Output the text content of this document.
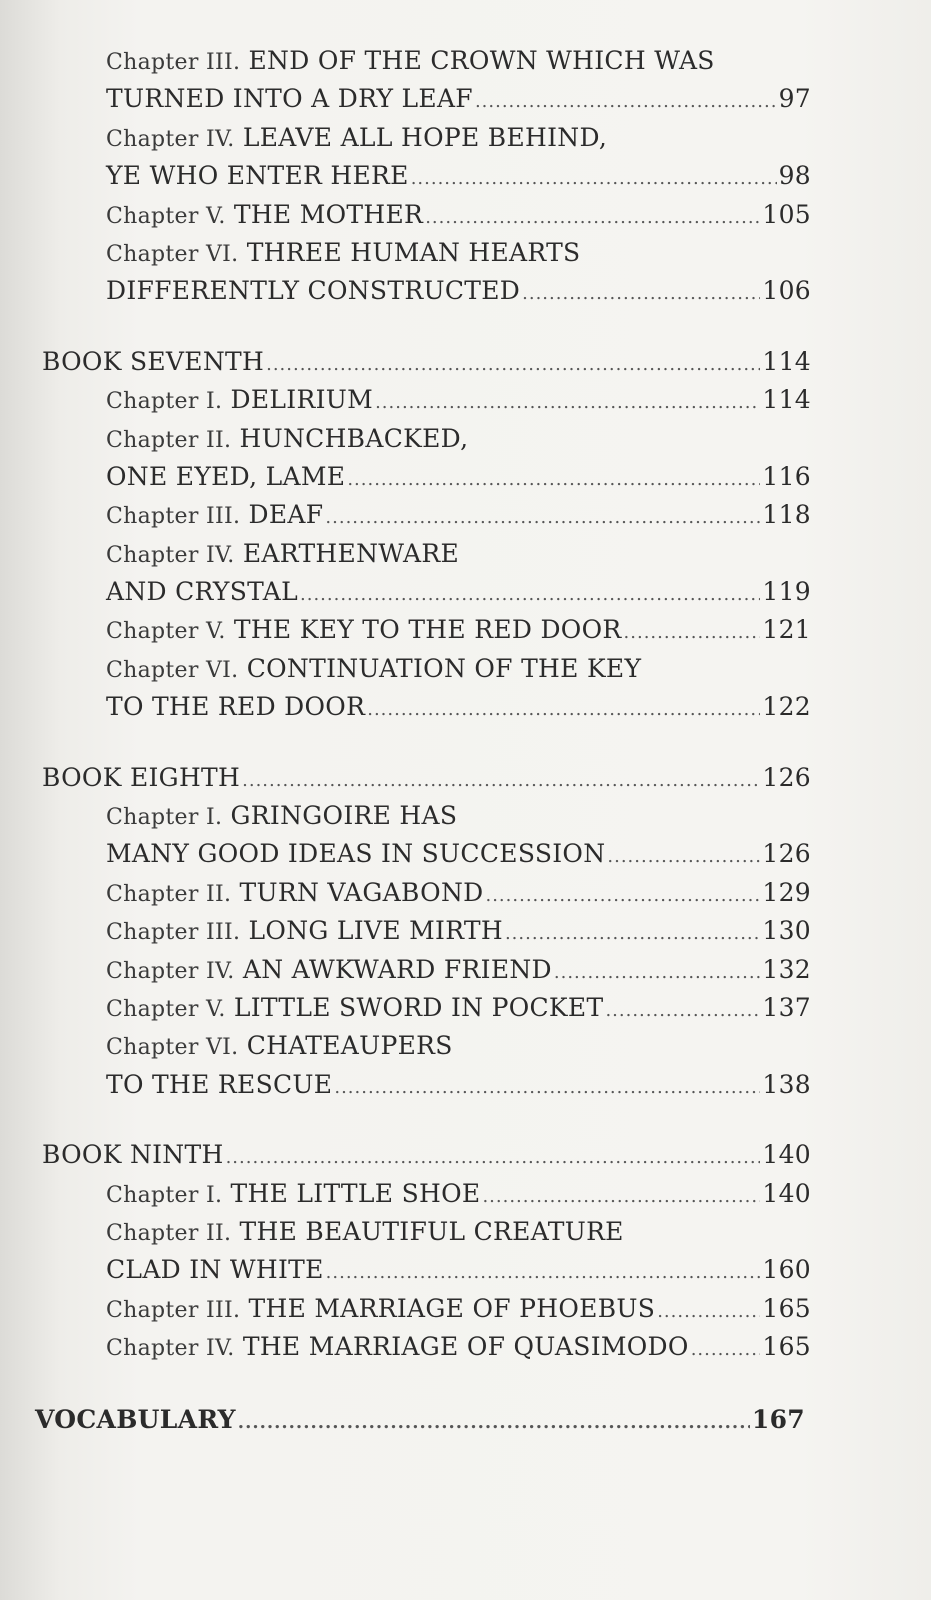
Chapter III. END OF THE CROWN WHICH WAS
TURNED INTO A DRY LEAF .....	97
Chapter IV. LEAVE ALL HOPE BEHIND,
YE WHO ENTER HERE .....	98
Chapter V. THE MOTHER .....	105
Chapter VI. THREE HUMAN HEARTS
DIFFERENTLY CONSTRUCTED .....	106
BOOK SEVENTH .....	114
Chapter I. DELIRIUM .....	114
Chapter II. HUNCHBACKED,
ONE EYED, LAME .....	116
Chapter III. DEAF .....	118
Chapter IV. EARTHENWARE
AND CRYSTAL .....	119
Chapter V. THE KEY TO THE RED DOOR .....	121
Chapter VI. CONTINUATION OF THE KEY
TO THE RED DOOR .....	122
BOOK EIGHTH .....	126
Chapter I. GRINGOIRE HAS
MANY GOOD IDEAS IN SUCCESSION .....	126
Chapter II. TURN VAGABOND .....	129
Chapter III. LONG LIVE MIRTH .....	130
Chapter IV. AN AWKWARD FRIEND .....	132
Chapter V. LITTLE SWORD IN POCKET .....	137
Chapter VI. CHATEAUPERS
TO THE RESCUE .....	138
BOOK NINTH .....	140
Chapter I. THE LITTLE SHOE .....	140
Chapter II. THE BEAUTIFUL CREATURE
CLAD IN WHITE .....	160
Chapter III. THE MARRIAGE OF PHOEBUS .....	165
Chapter IV. THE MARRIAGE OF QUASIMODO .....	165
VOCABULARY .....	167
